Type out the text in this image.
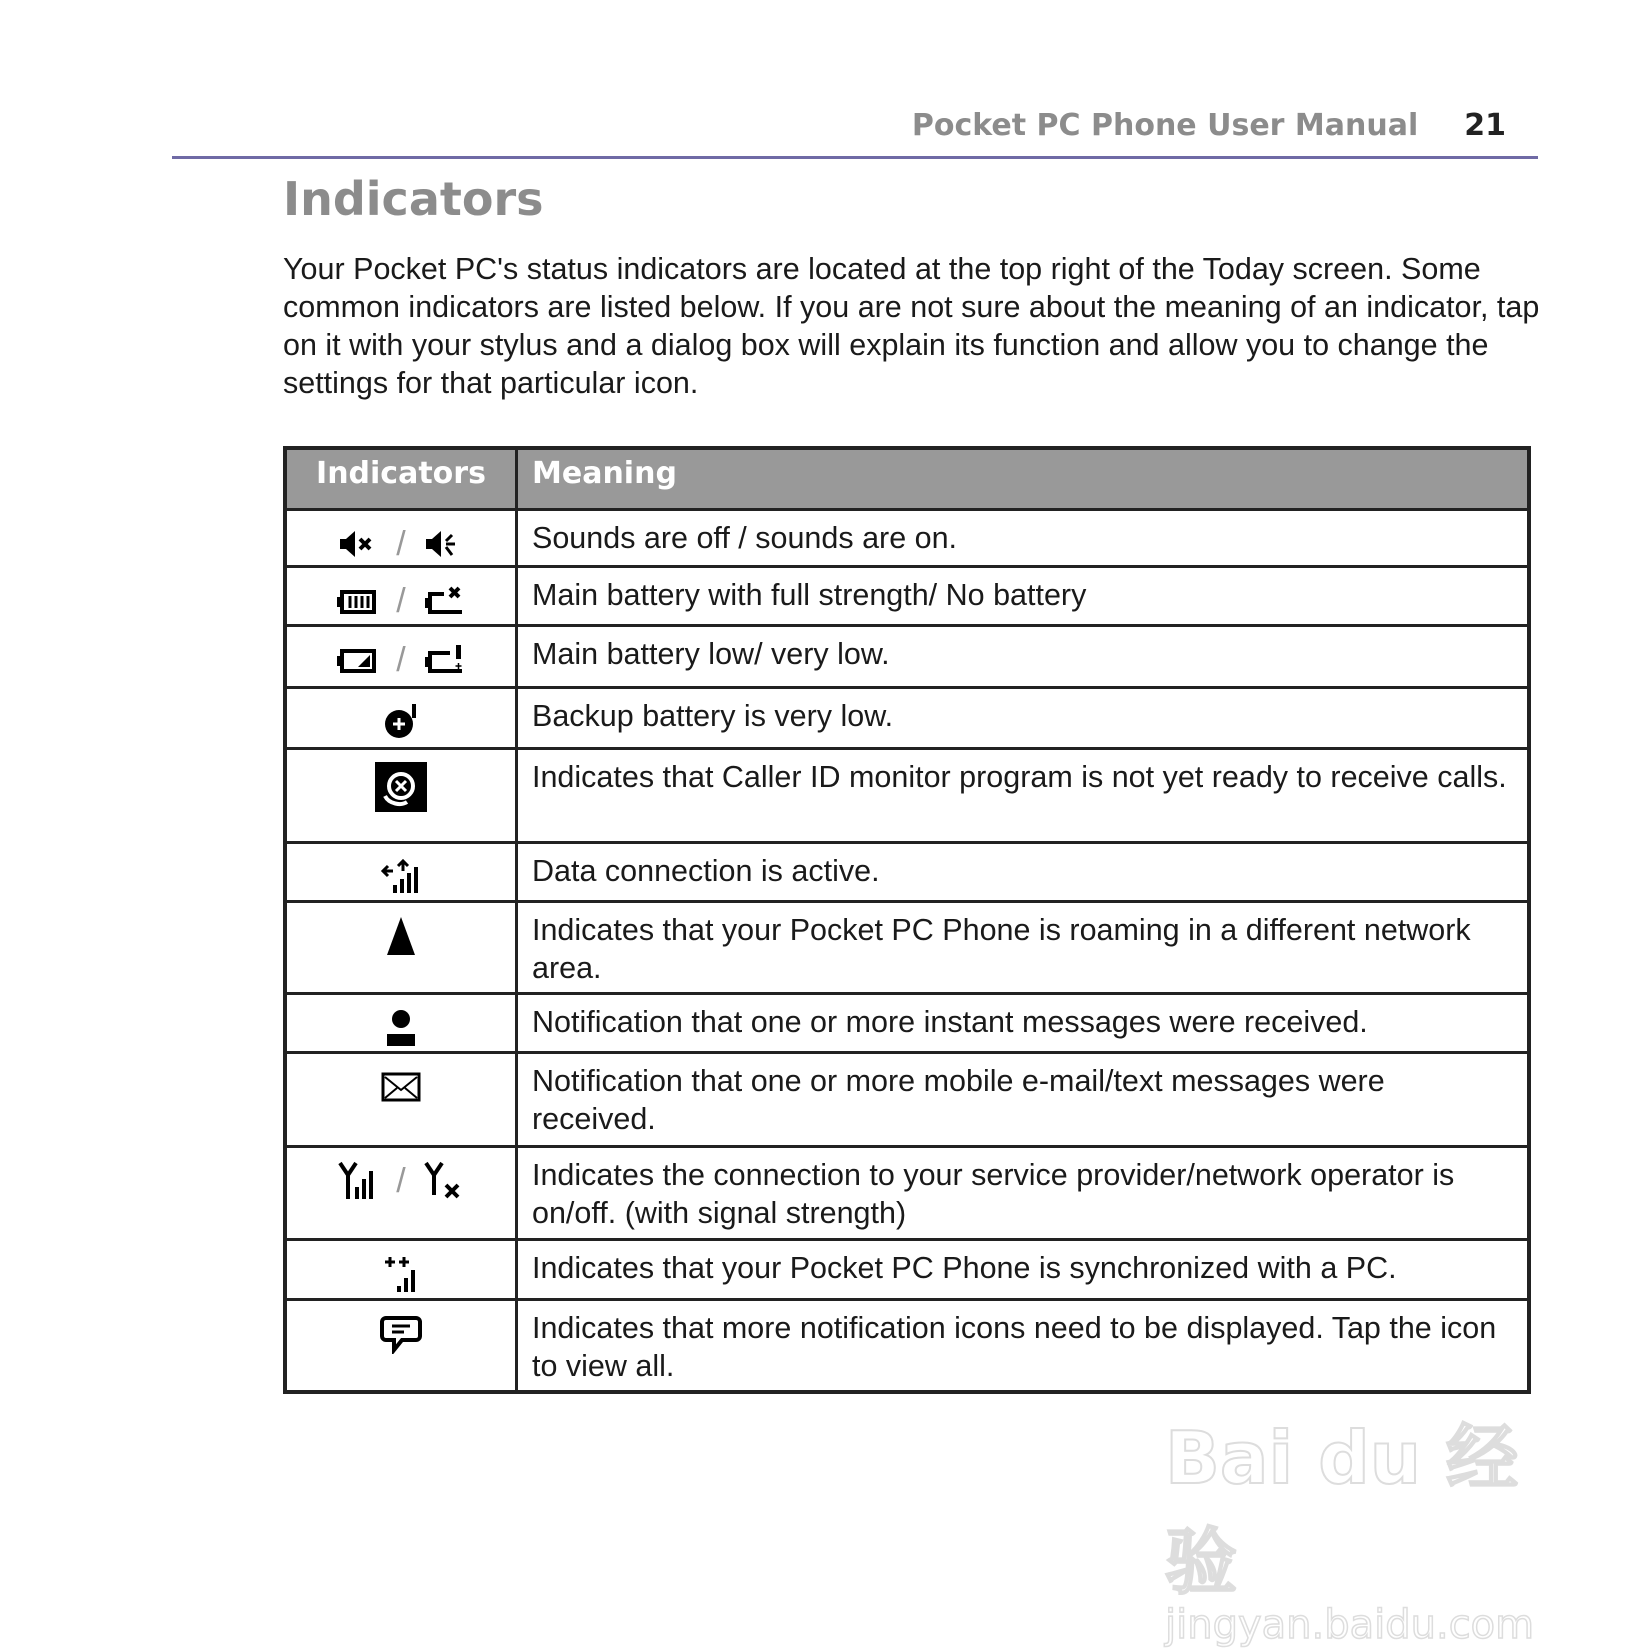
Pocket PC Phone User Manual 21
Indicators

Your Pocket PC's status indicators are located at the top right of the Today screen. Some common indicators are listed below. If you are not sure about the meaning of an indicator, tap on it with your stylus and a dialog box will explain its function and allow you to change the settings for that particular icon.

Indicators	Meaning
/	Sounds are off / sounds are on.
/	Main battery with full strength/ No battery
/	Main battery low/ very low.
	Backup battery is very low.
	Indicates that Caller ID monitor program is not yet ready to receive calls.
	Data connection is active.
	Indicates that your Pocket PC Phone is roaming in a different network area.
	Notification that one or more instant messages were received.
	Notification that one or more mobile e-mail/text messages were received.
/	Indicates the connection to your service provider/network operator is on/off. (with signal strength)
	Indicates that your Pocket PC Phone is synchronized with a PC.
	Indicates that more notification icons need to be displayed. Tap the icon to view all.
Bai du 经验
jingyan.baidu.com
